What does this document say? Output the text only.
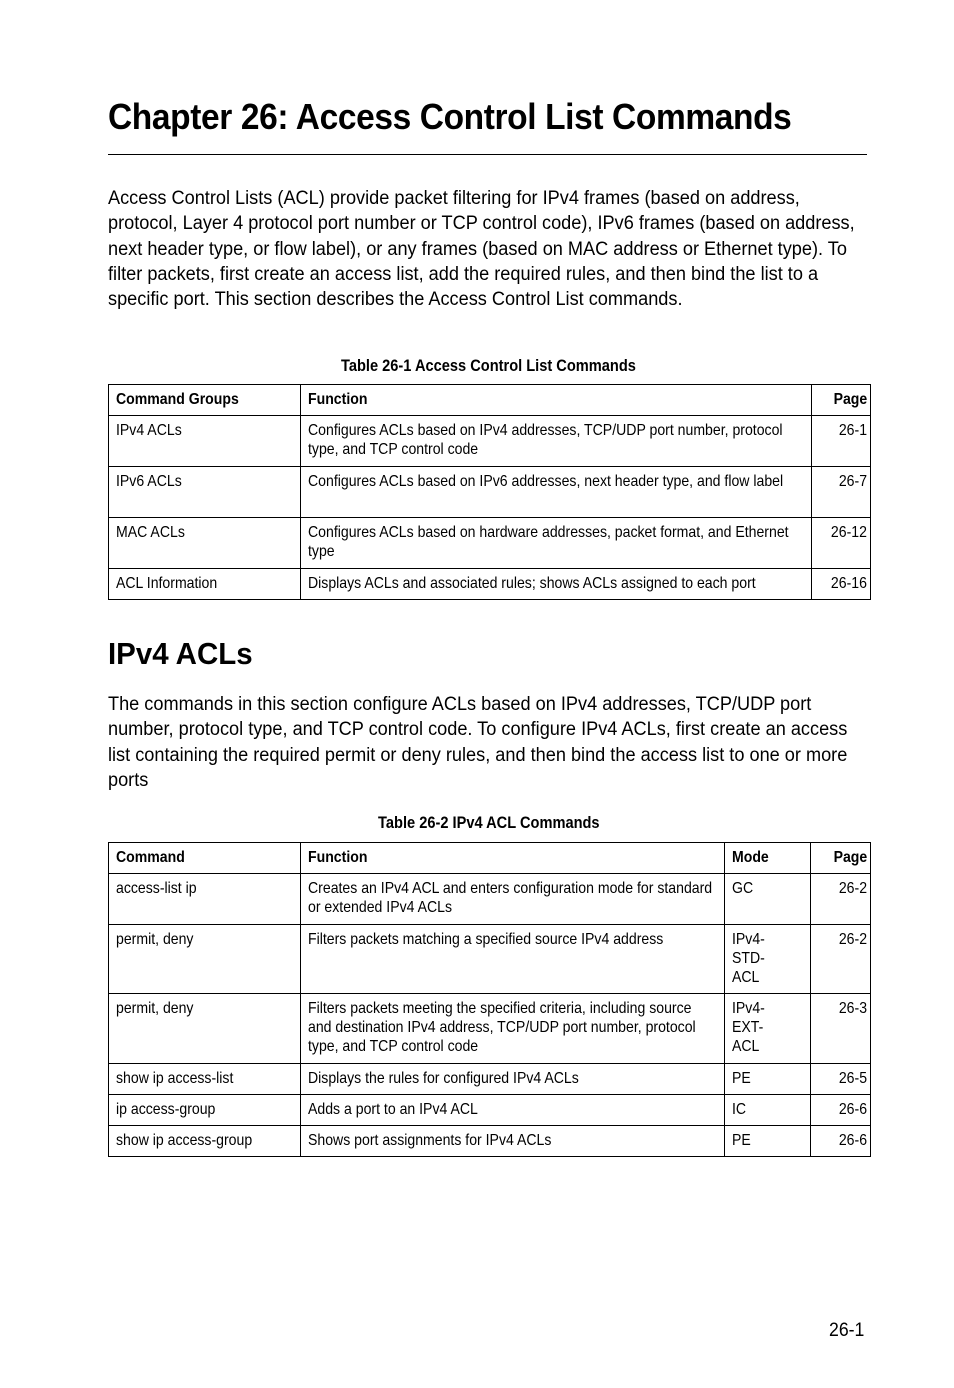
Chapter 26: Access Control List Commands

Access Control Lists (ACL) provide packet filtering for IPv4 frames (based on address, protocol, Layer 4 protocol port number or TCP control code), IPv6 frames (based on address, next header type, or flow label), or any frames (based on MAC address or Ethernet type). To filter packets, first create an access list, add the required rules, and then bind the list to a specific port. This section describes the Access Control List commands.

Table 26-1 Access Control List Commands
Command Groups	Function	Page
IPv4 ACLs	Configures ACLs based on IPv4 addresses, TCP/UDP port number, protocol type, and TCP control code	26-1
IPv6 ACLs	Configures ACLs based on IPv6 addresses, next header type, and flow label	26-7
MAC ACLs	Configures ACLs based on hardware addresses, packet format, and Ethernet type	26-12
ACL Information	Displays ACLs and associated rules; shows ACLs assigned to each port	26-16
IPv4 ACLs

The commands in this section configure ACLs based on IPv4 addresses, TCP/UDP port number, protocol type, and TCP control code. To configure IPv4 ACLs, first create an access list containing the required permit or deny rules, and then bind the access list to one or more ports

Table 26-2 IPv4 ACL Commands
Command	Function	Mode	Page
access-list ip	Creates an IPv4 ACL and enters configuration mode for standard or extended IPv4 ACLs	GC	26-2
permit, deny	Filters packets matching a specified source IPv4 address	IPv4-STD-ACL	26-2
permit, deny	Filters packets meeting the specified criteria, including source and destination IPv4 address, TCP/UDP port number, protocol type, and TCP control code	IPv4-EXT-ACL	26-3
show ip access-list	Displays the rules for configured IPv4 ACLs	PE	26-5
ip access-group	Adds a port to an IPv4 ACL	IC	26-6
show ip access-group	Shows port assignments for IPv4 ACLs	PE	26-6
26-1
